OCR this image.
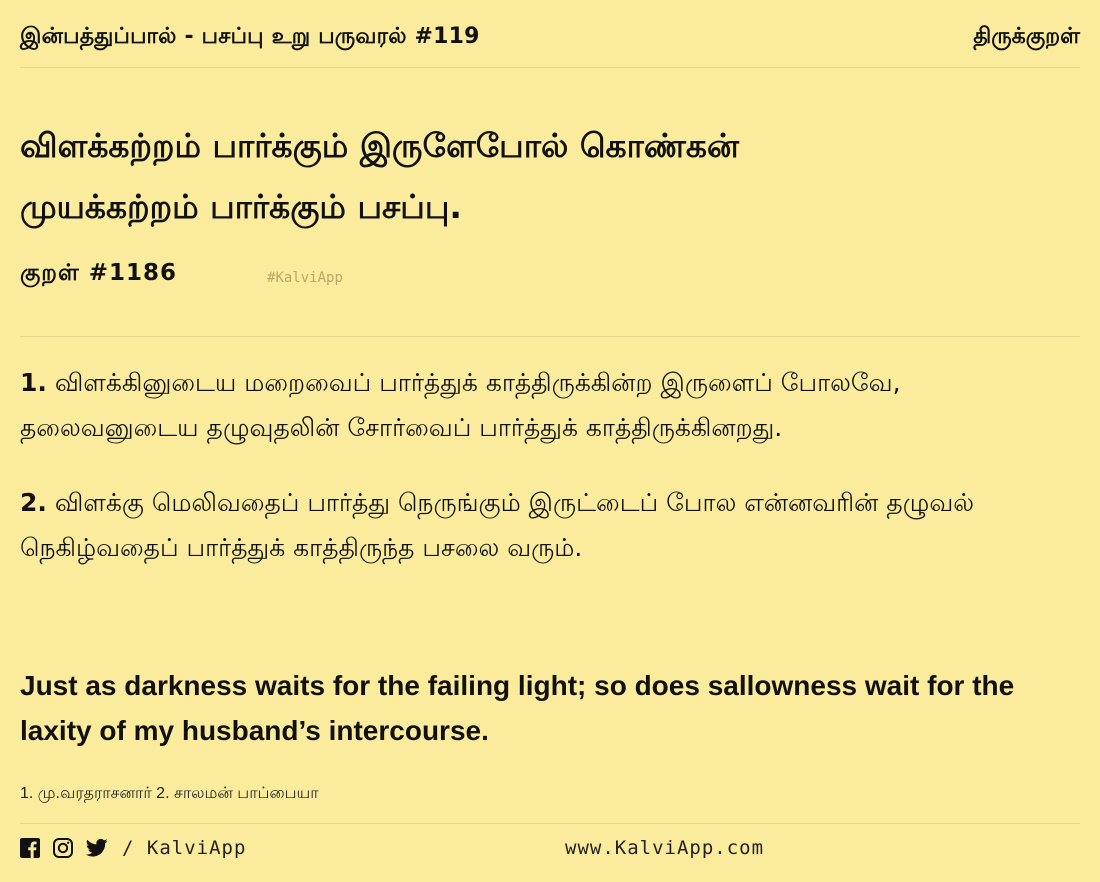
இன்பத்துப்பால் - பசப்பு உறு பருவரல் #119	திருக்குறள்
விளக்கற்றம் பார்க்கும் இருளேபோல் கொண்கன்
முயக்கற்றம் பார்க்கும் பசப்பு.
குறள் #1186	#KalviApp

1. விளக்கினுடைய மறைவைப் பார்த்துக் காத்திருக்கின்ற இருளைப் போலவே, தலைவனுடைய தழுவுதலின் சோர்வைப் பார்த்துக் காத்திருக்கினறது.

2. விளக்கு மெலிவதைப் பார்த்து நெருங்கும் இருட்டைப் போல என்னவரின் தழுவல் நெகிழ்வதைப் பார்த்துக் காத்திருந்த பசலை வரும்.

Just as darkness waits for the failing light; so does sallowness wait for the laxity of my husband’s intercourse.

1. மு.வரதராசனார் 2. சாலமன் பாப்பையா
/ KalviApp	www.KalviApp.com
